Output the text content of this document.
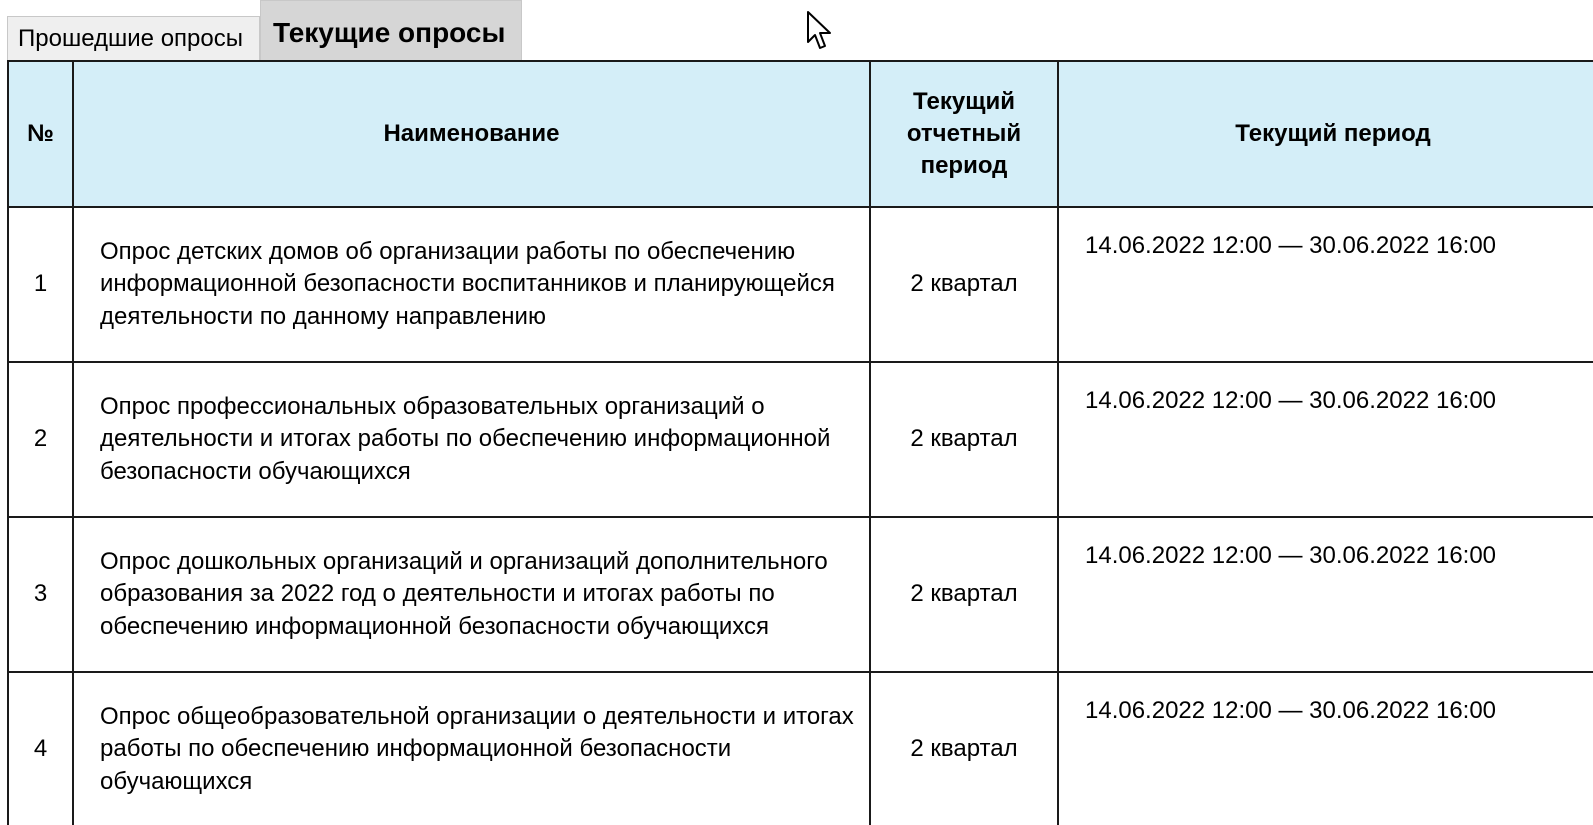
Прошедшие опросы Текущие опросы
№	Наименование	Текущий отчетный период	Текущий период
1	Опрос детских домов об организации работы по обеспечению информационной безопасности воспитанников и планирующейся деятельности по данному направлению	2 квартал	14.06.2022 12:00 — 30.06.2022 16:00
2	Опрос профессиональных образовательных организаций о деятельности и итогах работы по обеспечению информационной безопасности обучающихся	2 квартал	14.06.2022 12:00 — 30.06.2022 16:00
3	Опрос дошкольных организаций и организаций дополнительного образования за 2022 год о деятельности и итогах работы по обеспечению информационной безопасности обучающихся	2 квартал	14.06.2022 12:00 — 30.06.2022 16:00
4	Опрос общеобразовательной организации о деятельности и итогах работы по обеспечению информационной безопасности обучающихся	2 квартал	14.06.2022 12:00 — 30.06.2022 16:00
